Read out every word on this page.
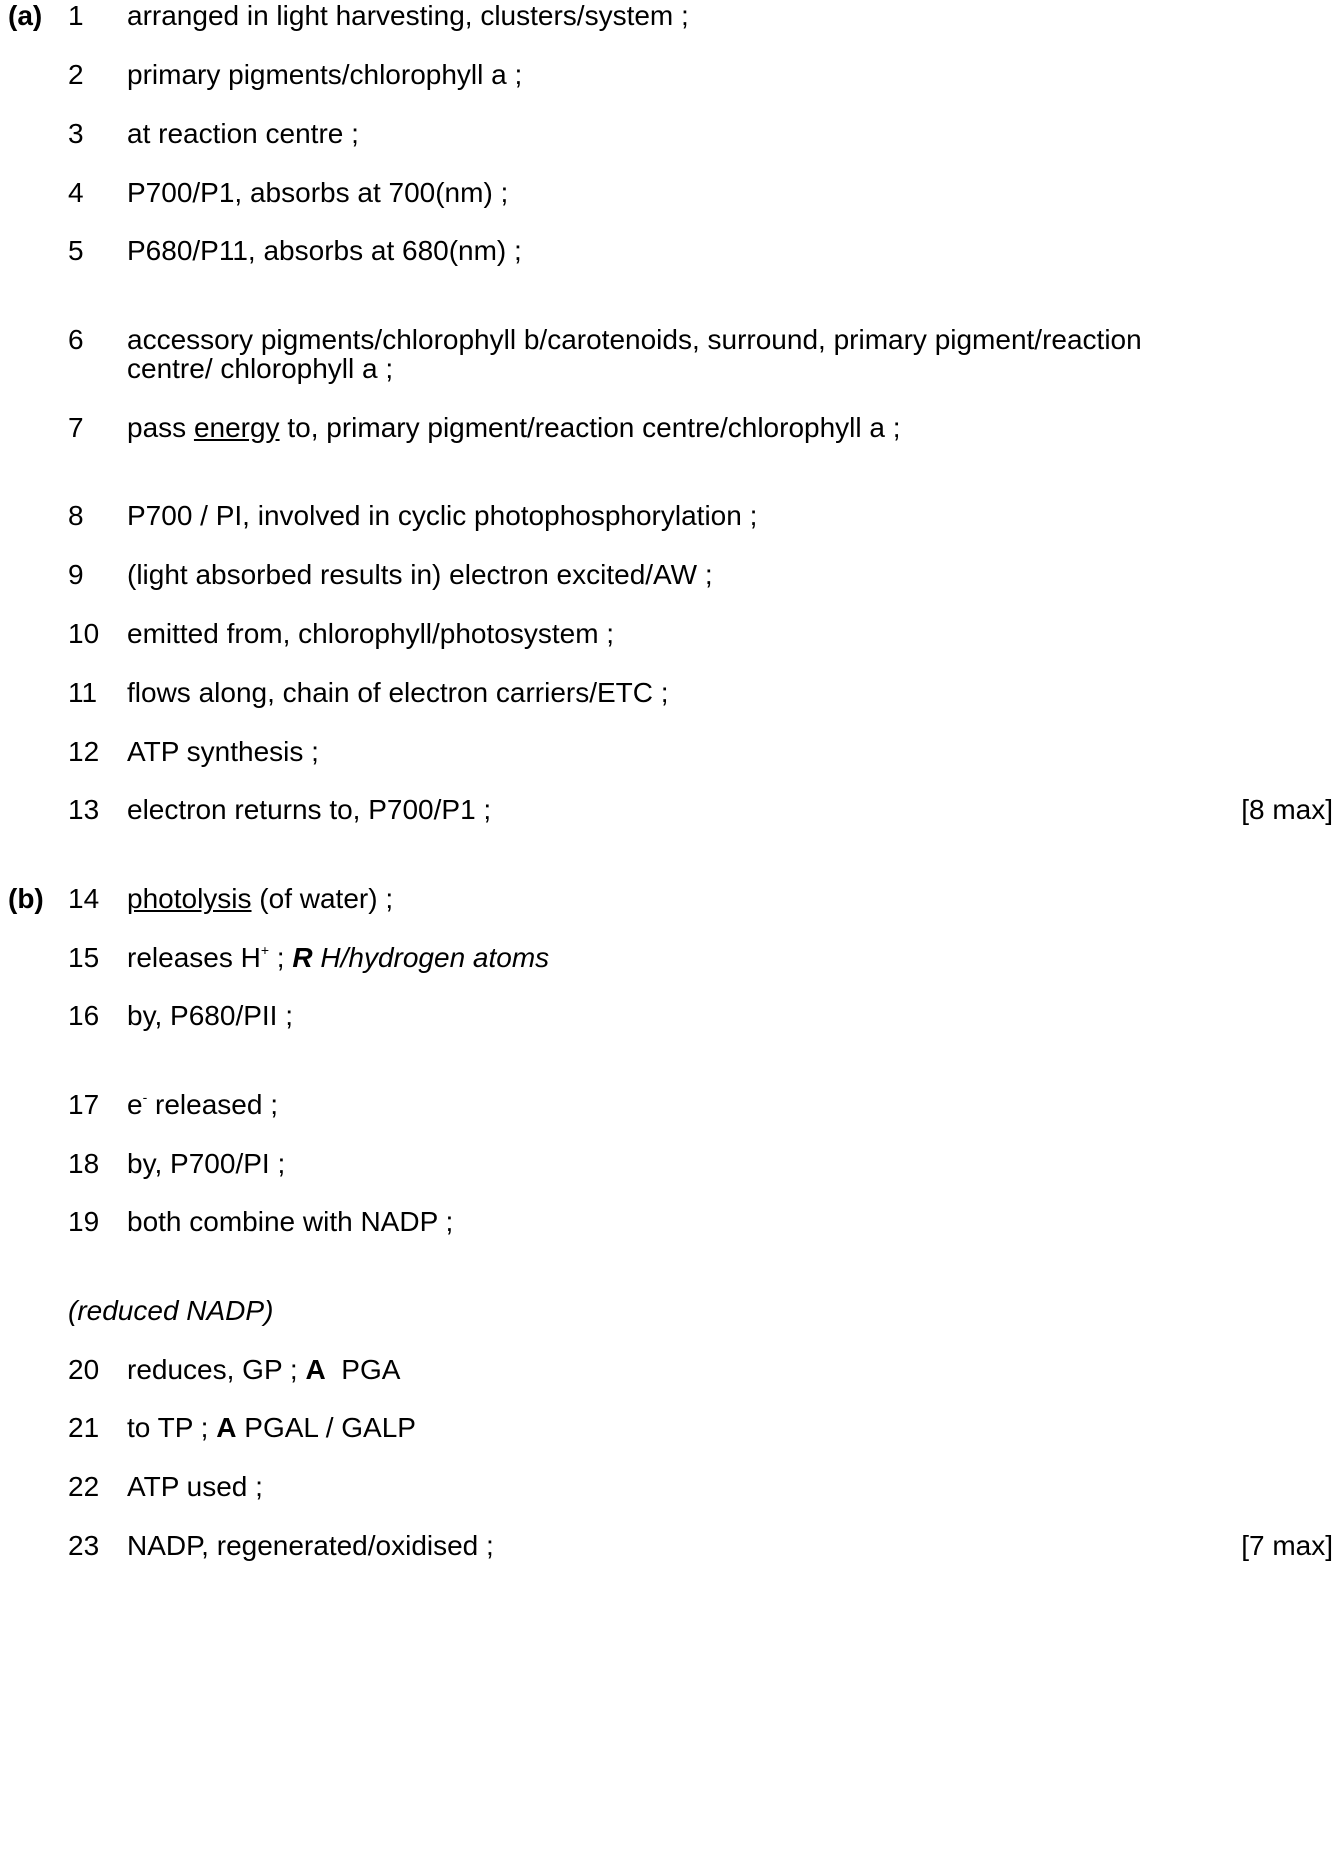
(a) 1 arranged in light harvesting, clusters/system ;
2 primary pigments/chlorophyll a ;
3 at reaction centre ;
4 P700/P1, absorbs at 700(nm) ;
5 P680/P11, absorbs at 680(nm) ;
6 accessory pigments/chlorophyll b/carotenoids, surround, primary pigment/reaction
centre/ chlorophyll a ;
7 pass energy to, primary pigment/reaction centre/chlorophyll a ;
8 P700 / PI, involved in cyclic photophosphorylation ;
9 (light absorbed results in) electron excited/AW ;
10 emitted from, chlorophyll/photosystem ;
11 flows along, chain of electron carriers/ETC ;
12 ATP synthesis ;
13 electron returns to, P700/P1 ;	[8 max]
(b) 14 photolysis (of water) ;
15 releases H+ ; R H/hydrogen atoms
16 by, P680/PII ;
17 e- released ;
18 by, P700/PI ;
19 both combine with NADP ;
(reduced NADP)
20 reduces, GP ; A  PGA
21 to TP ; A PGAL / GALP
22 ATP used ;
23 NADP, regenerated/oxidised ;	[7 max]
